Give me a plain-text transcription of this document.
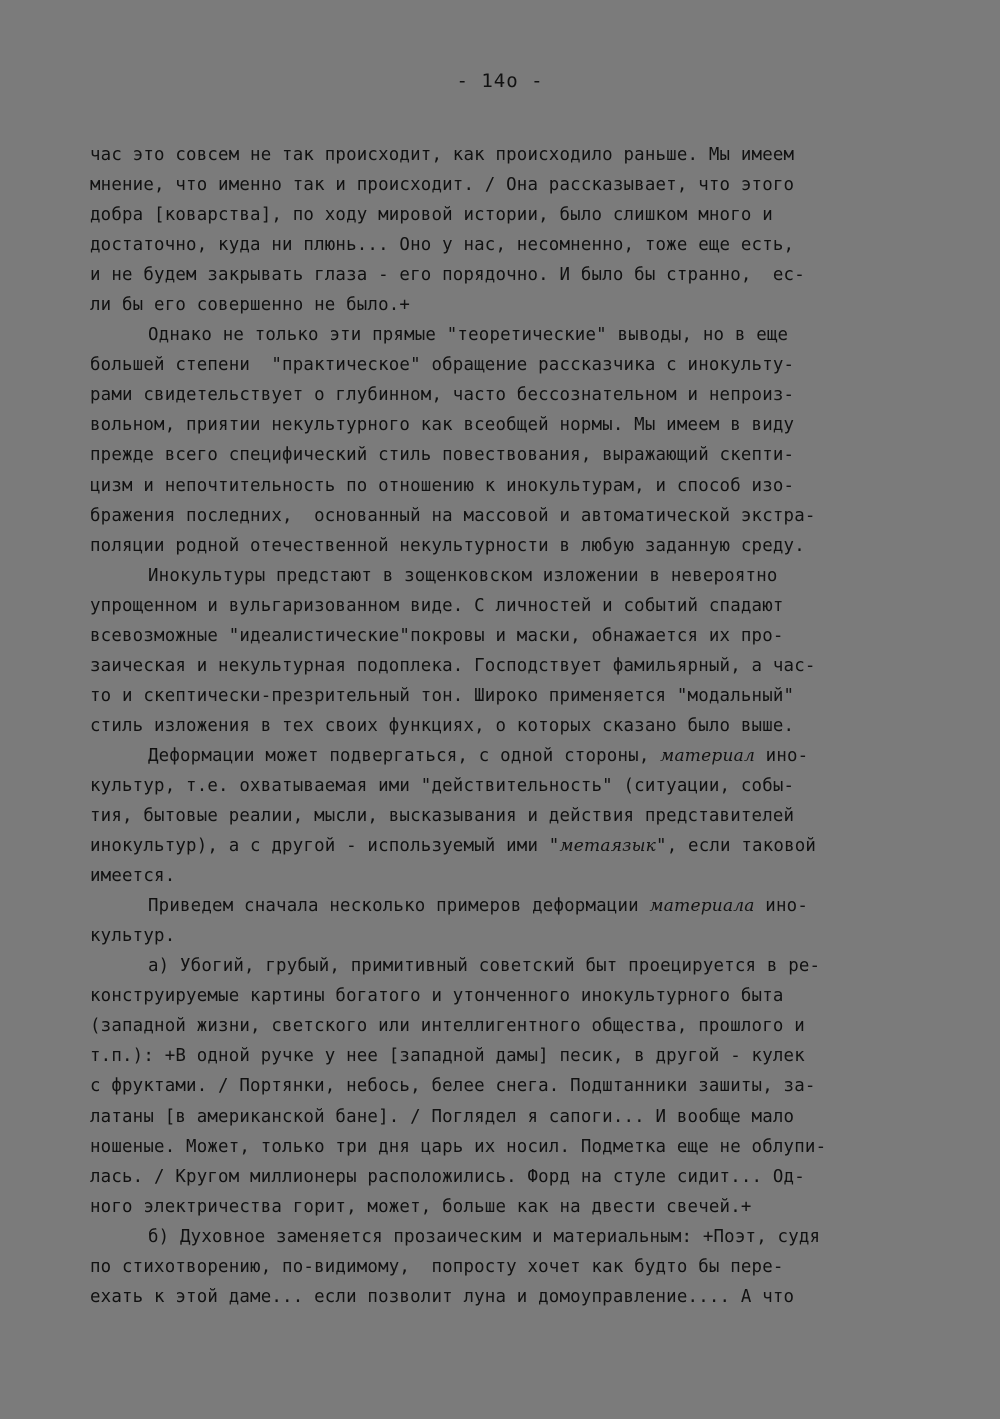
- 14о -
час это совсем не так происходит, как происходило раньше. Мы имеем
мнение, что именно так и происходит. / Она рассказывает, что этого
добра [коварства], по ходу мировой истории, было слишком много и
достаточно, куда ни плюнь... Оно у нас, несомненно, тоже еще есть,
и не будем закрывать глаза - его порядочно. И было бы странно,  ес-
ли бы его совершенно не было.+
Однако не только эти прямые "теоретические" выводы, но в еще
большей степени  "практическое" обращение рассказчика с инокульту-
рами свидетельствует о глубинном, часто бессознательном и непроиз-
вольном, приятии некультурного как всеобщей нормы. Мы имеем в виду
прежде всего специфический стиль повествования, выражающий скепти-
цизм и непочтительность по отношению к инокультурам, и способ изо-
бражения последних,  основанный на массовой и автоматической экстра-
поляции родной отечественной некультурности в любую заданную среду.
Инокультуры предстают в зощенковском изложении в невероятно
упрощенном и вульгаризованном виде. С личностей и событий спадают
всевозможные "идеалистические"покровы и маски, обнажается их про-
заическая и некультурная подоплека. Господствует фамильярный, а час-
то и скептически-презрительный тон. Широко применяется "модальный"
стиль изложения в тех своих функциях, о которых сказано было выше.
Деформации может подвергаться, с одной стороны, материал ино-
культур, т.е. охватываемая ими "действительность" (ситуации, собы-
тия, бытовые реалии, мысли, высказывания и действия представителей
инокультур), а с другой - используемый ими "метаязык", если таковой
имеется.
Приведем сначала несколько примеров деформации материала ино-
культур.
а) Убогий, грубый, примитивный советский быт проецируется в ре-
конструируемые картины богатого и утонченного инокультурного быта
(западной жизни, светского или интеллигентного общества, прошлого и
т.п.): +В одной ручке у нее [западной дамы] песик, в другой - кулек
с фруктами. / Портянки, небось, белее снега. Подштанники зашиты, за-
латаны [в американской бане]. / Поглядел я сапоги... И вообще мало
ношеные. Может, только три дня царь их носил. Подметка еще не облупи-
лась. / Кругом миллионеры расположились. Форд на стуле сидит... Од-
ного электричества горит, может, больше как на двести свечей.+
б) Духовное заменяется прозаическим и материальным: +Поэт, судя
по стихотворению, по-видимому,  попросту хочет как будто бы пере-
ехать к этой даме... если позволит луна и домоуправление.... А что
